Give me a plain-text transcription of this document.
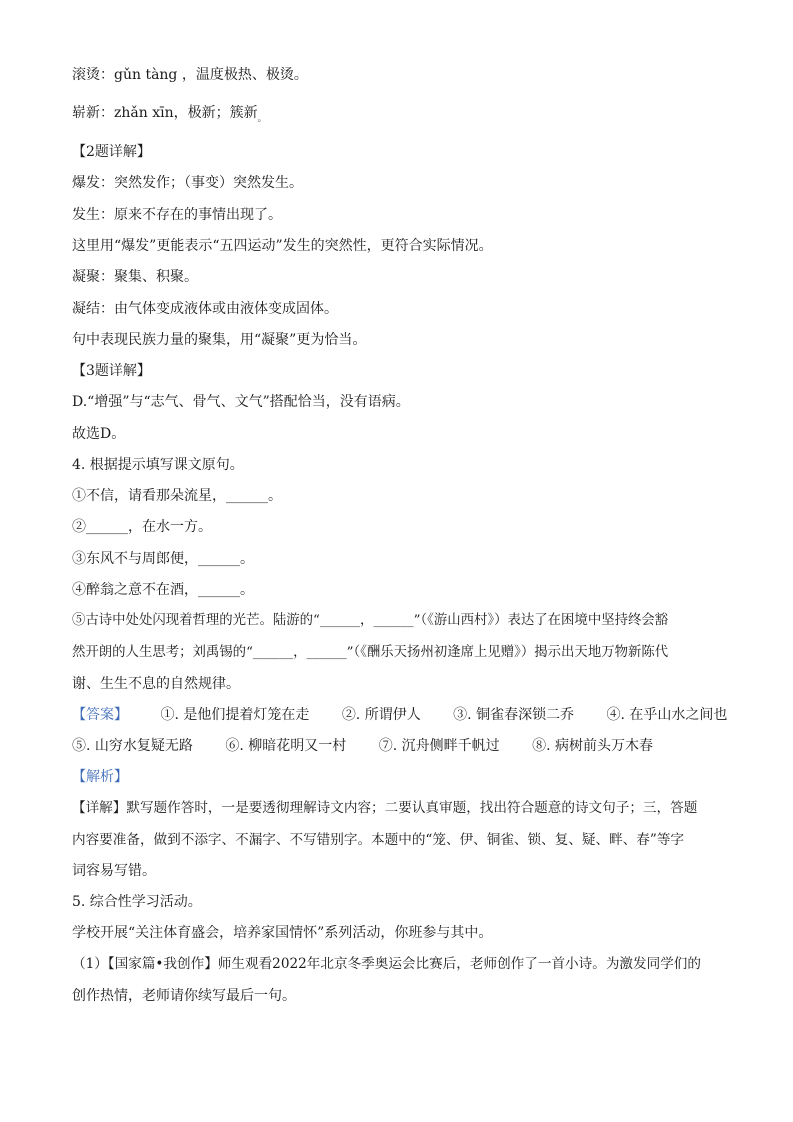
滚烫：gǔn tàng ，温度极热、极烫。
崭新：zhǎn xīn，极新；簇新$_。$
【2题详解】
爆发：突然发作；（事变）突然发生。
发生：原来不存在的事情出现了。
这里用“爆发”更能表示“五四运动”发生的突然性，更符合实际情况。
凝聚：聚集、积聚。
凝结：由气体变成液体或由液体变成固体。
句中表现民族力量的聚集，用“凝聚”更为恰当。
【3题详解】
D.“增强”与“志气、骨气、文气”搭配恰当，没有语病。
故选D。
4. 根据提示填写课文原句。
①不信，请看那朵流星，______。
②______，在水一方。
③东风不与周郎便，______。
④醉翁之意不在酒，______。
⑤古诗中处处闪现着哲理的光芒。陆游的“______，______”（《游山西村》）表达了在困境中坚持终会豁
然开朗的人生思考；刘禹锡的“______，______”（《酬乐天扬州初逢席上见赠》）揭示出天地万物新陈代
谢、生生不息的自然规律。
【答案】 ①. 是他们提着灯笼在走 ②. 所谓伊人 ③. 铜雀春深锁二乔 ④. 在乎山水之间也
⑤. 山穷水复疑无路 ⑥. 柳暗花明又一村 ⑦. 沉舟侧畔千帆过 ⑧. 病树前头万木春
【解析】
【详解】默写题作答时，一是要透彻理解诗文内容；二要认真审题，找出符合题意的诗文句子；三，答题
内容要准备，做到不添字、不漏字、不写错别字。本题中的“笼、伊、铜雀、锁、复、疑、畔、春”等字
词容易写错。
5. 综合性学习活动。
学校开展“关注体育盛会，培养家国情怀”系列活动，你班参与其中。
（1）【国家篇•我创作】师生观看2022年北京冬季奥运会比赛后，老师创作了一首小诗。为激发同学们的
创作热情，老师请你续写最后一句。
